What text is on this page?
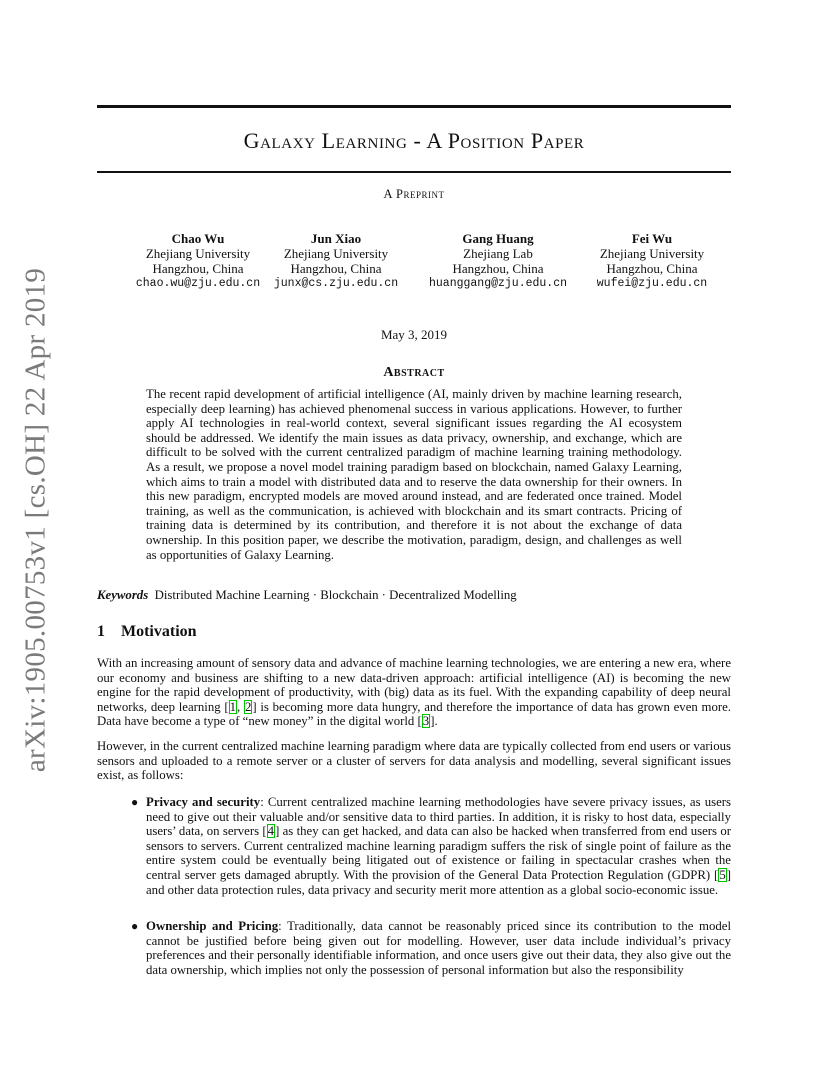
arXiv:1905.00753v1 [cs.OH] 22 Apr 2019
Galaxy Learning - A Position Paper
A Preprint
Chao Wu
Zhejiang University
Hangzhou, China
chao.wu@zju.edu.cn
Jun Xiao
Zhejiang University
Hangzhou, China
junx@cs.zju.edu.cn
Gang Huang
Zhejiang Lab
Hangzhou, China
huanggang@zju.edu.cn
Fei Wu
Zhejiang University
Hangzhou, China
wufei@zju.edu.cn
May 3, 2019
Abstract
The recent rapid development of artificial intelligence (AI, mainly driven by machine learning research, especially deep learning) has achieved phenomenal success in various applications. However, to further apply AI technologies in real-world context, several significant issues regarding the AI ecosystem should be addressed. We identify the main issues as data privacy, ownership, and exchange, which are difficult to be solved with the current centralized paradigm of machine learning training methodology. As a result, we propose a novel model training paradigm based on blockchain, named Galaxy Learning, which aims to train a model with distributed data and to reserve the data ownership for their owners. In this new paradigm, encrypted models are moved around instead, and are federated once trained. Model training, as well as the communication, is achieved with blockchain and its smart contracts. Pricing of training data is determined by its contribution, and therefore it is not about the exchange of data ownership. In this position paper, we describe the motivation, paradigm, design, and challenges as well as opportunities of Galaxy Learning.
Keywords Distributed Machine Learning · Blockchain · Decentralized Modelling
1 Motivation

With an increasing amount of sensory data and advance of machine learning technologies, we are entering a new era, where our economy and business are shifting to a new data-driven approach: artificial intelligence (AI) is becoming the new engine for the rapid development of productivity, with (big) data as its fuel. With the expanding capability of deep neural networks, deep learning [1, 2] is becoming more data hungry, and therefore the importance of data has grown even more. Data have become a type of “new money” in the digital world [3].

However, in the current centralized machine learning paradigm where data are typically collected from end users or various sensors and uploaded to a remote server or a cluster of servers for data analysis and modelling, several significant issues exist, as follows:

● Privacy and security: Current centralized machine learning methodologies have severe privacy issues, as users need to give out their valuable and/or sensitive data to third parties. In addition, it is risky to host data, especially users’ data, on servers [4] as they can get hacked, and data can also be hacked when transferred from end users or sensors to servers. Current centralized machine learning paradigm suffers the risk of single point of failure as the entire system could be eventually being litigated out of existence or failing in spectacular crashes when the central server gets damaged abruptly. With the provision of the General Data Protection Regulation (GDPR) [5] and other data protection rules, data privacy and security merit more attention as a global socio-economic issue.
● Ownership and Pricing: Traditionally, data cannot be reasonably priced since its contribution to the model cannot be justified before being given out for modelling. However, user data include individual’s privacy preferences and their personally identifiable information, and once users give out their data, they also give out the data ownership, which implies not only the possession of personal information but also the responsibility
